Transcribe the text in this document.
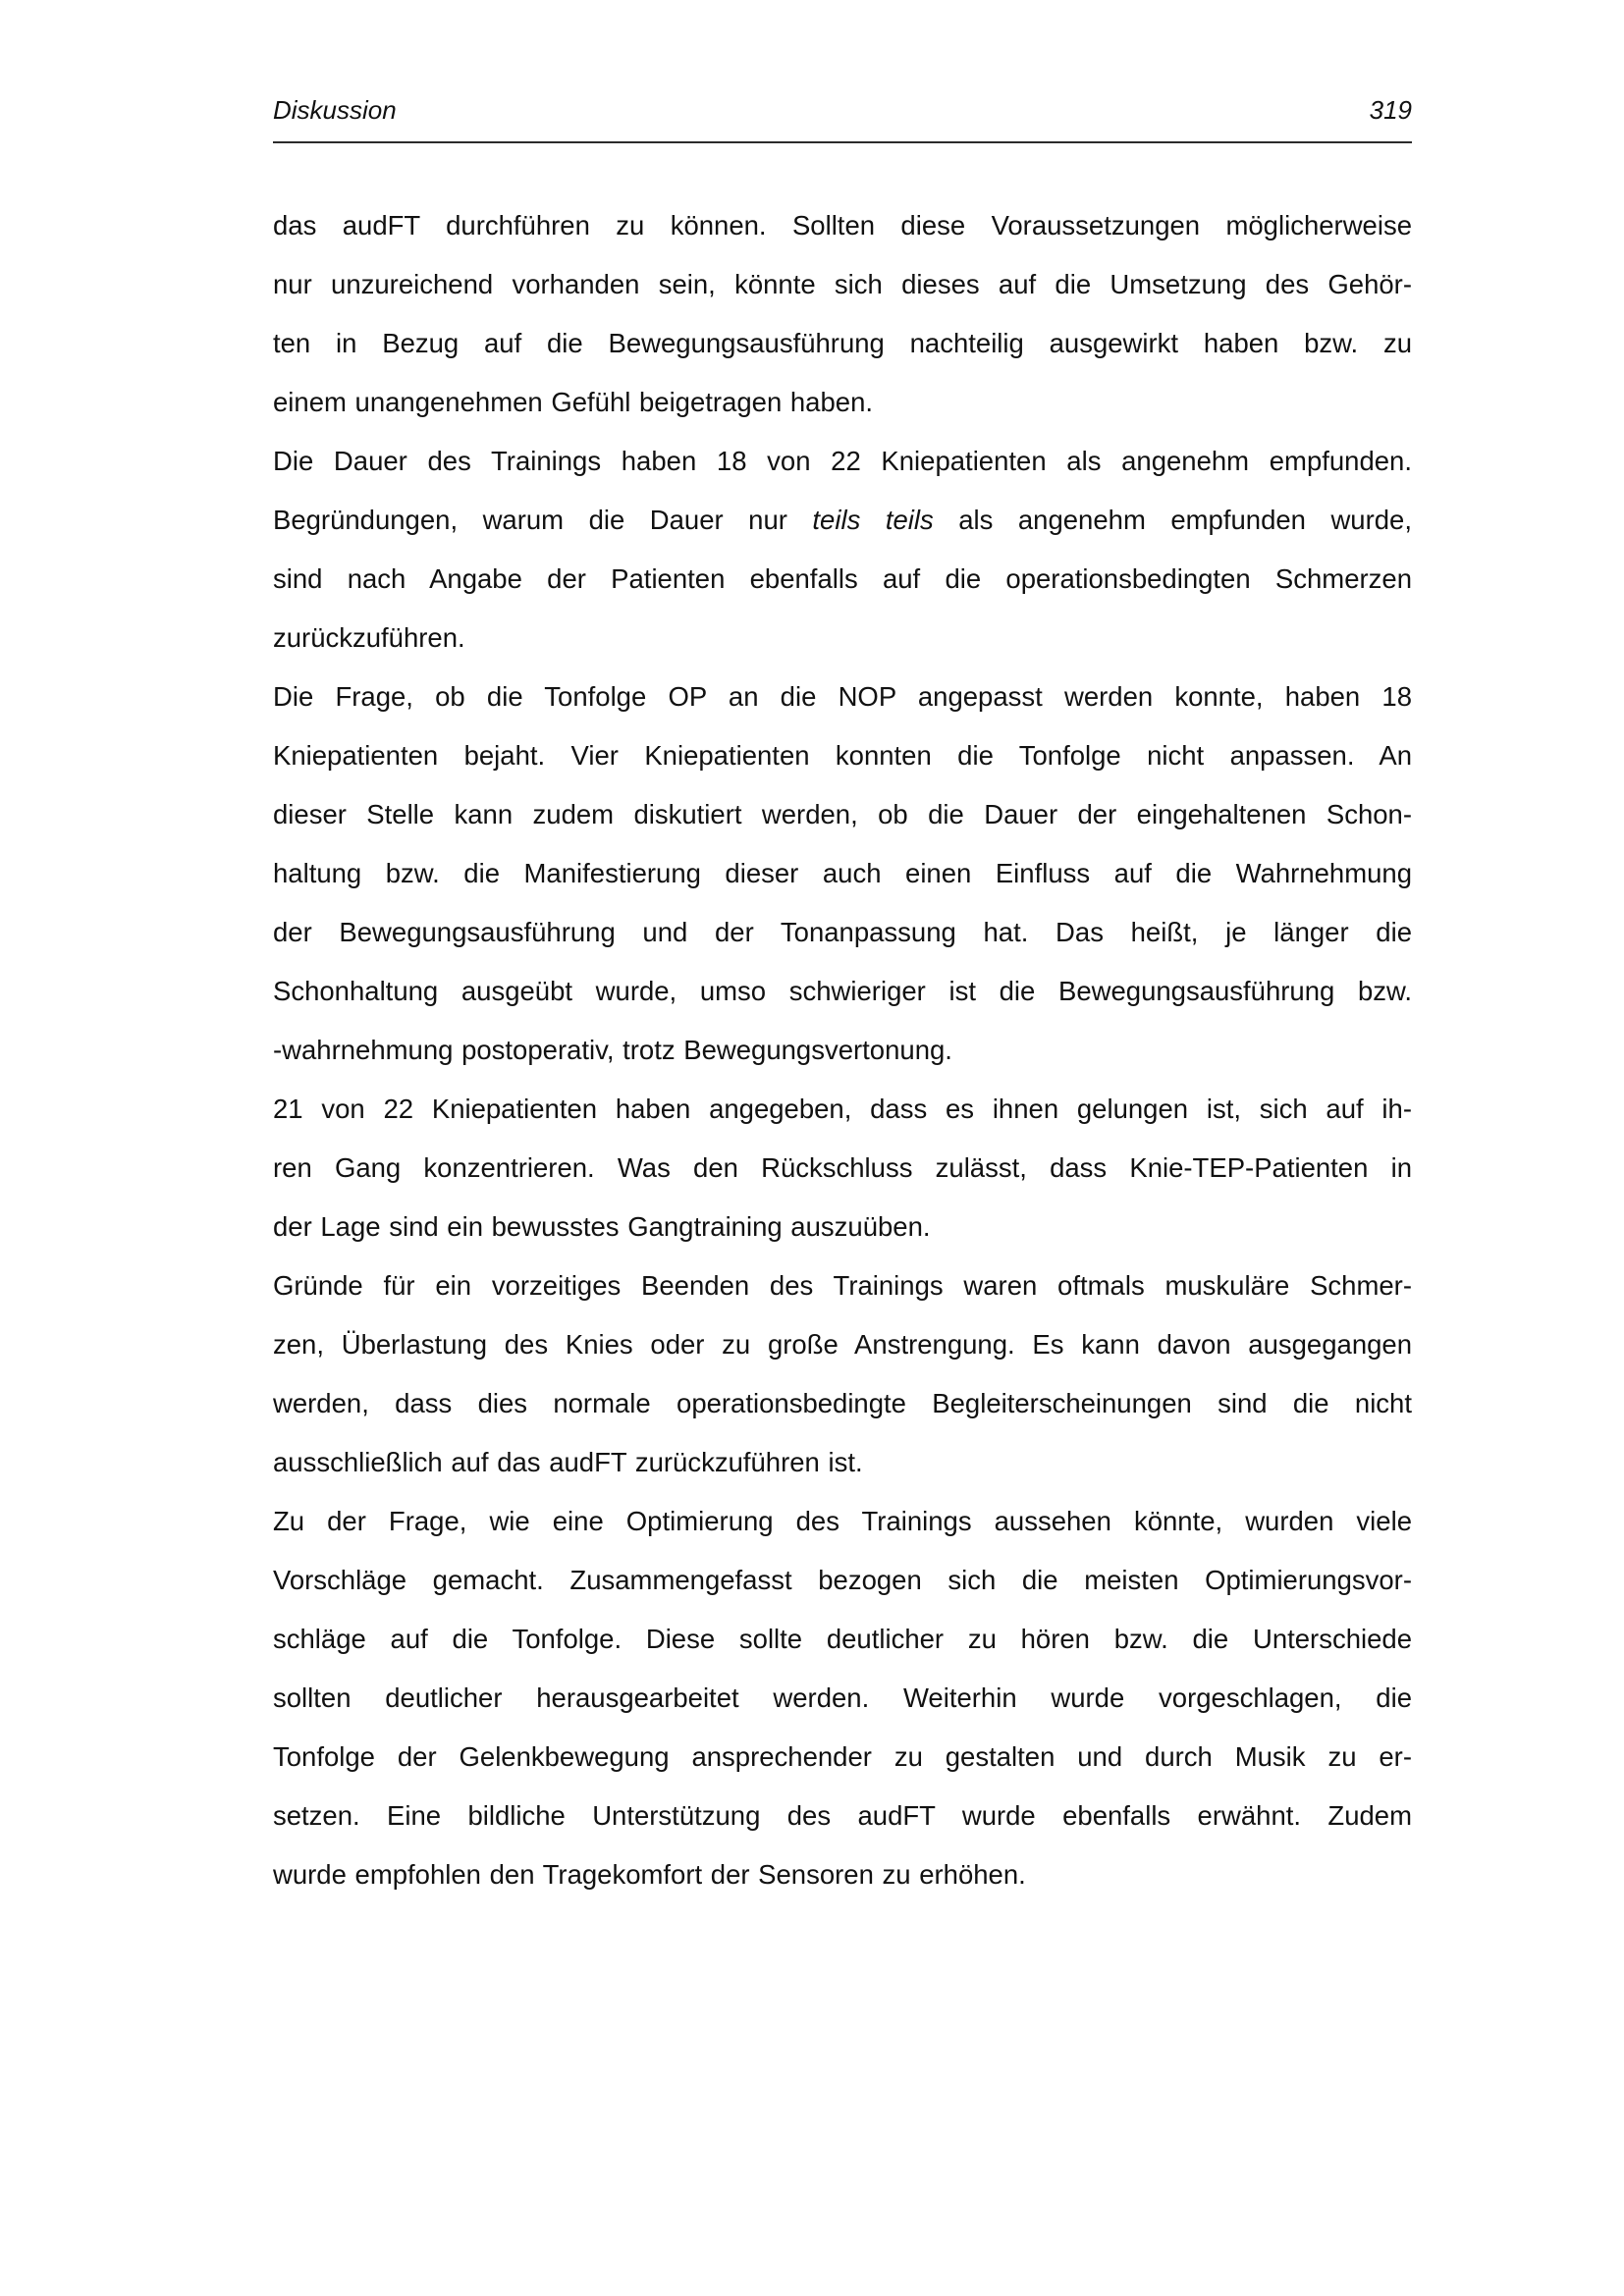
Diskussion	319
das audFT durchführen zu können. Sollten diese Voraussetzungen möglicherweise
nur unzureichend vorhanden sein, könnte sich dieses auf die Umsetzung des Gehör-
ten in Bezug auf die Bewegungsausführung nachteilig ausgewirkt haben bzw. zu
einem unangenehmen Gefühl beigetragen haben.
Die Dauer des Trainings haben 18 von 22 Kniepatienten als angenehm empfunden.
Begründungen, warum die Dauer nur teils teils als angenehm empfunden wurde,
sind nach Angabe der Patienten ebenfalls auf die operationsbedingten Schmerzen
zurückzuführen.
Die Frage, ob die Tonfolge OP an die NOP angepasst werden konnte, haben 18
Kniepatienten bejaht. Vier Kniepatienten konnten die Tonfolge nicht anpassen. An
dieser Stelle kann zudem diskutiert werden, ob die Dauer der eingehaltenen Schon-
haltung bzw. die Manifestierung dieser auch einen Einfluss auf die Wahrnehmung
der Bewegungsausführung und der Tonanpassung hat. Das heißt, je länger die
Schonhaltung ausgeübt wurde, umso schwieriger ist die Bewegungsausführung bzw.
-wahrnehmung postoperativ, trotz Bewegungsvertonung.
21 von 22 Kniepatienten haben angegeben, dass es ihnen gelungen ist, sich auf ih-
ren Gang konzentrieren. Was den Rückschluss zulässt, dass Knie-TEP-Patienten in
der Lage sind ein bewusstes Gangtraining auszuüben.
Gründe für ein vorzeitiges Beenden des Trainings waren oftmals muskuläre Schmer-
zen, Überlastung des Knies oder zu große Anstrengung. Es kann davon ausgegangen
werden, dass dies normale operationsbedingte Begleiterscheinungen sind die nicht
ausschließlich auf das audFT zurückzuführen ist.
Zu der Frage, wie eine Optimierung des Trainings aussehen könnte, wurden viele
Vorschläge gemacht. Zusammengefasst bezogen sich die meisten Optimierungsvor-
schläge auf die Tonfolge. Diese sollte deutlicher zu hören bzw. die Unterschiede
sollten deutlicher herausgearbeitet werden. Weiterhin wurde vorgeschlagen, die
Tonfolge der Gelenkbewegung ansprechender zu gestalten und durch Musik zu er-
setzen. Eine bildliche Unterstützung des audFT wurde ebenfalls erwähnt. Zudem
wurde empfohlen den Tragekomfort der Sensoren zu erhöhen.
